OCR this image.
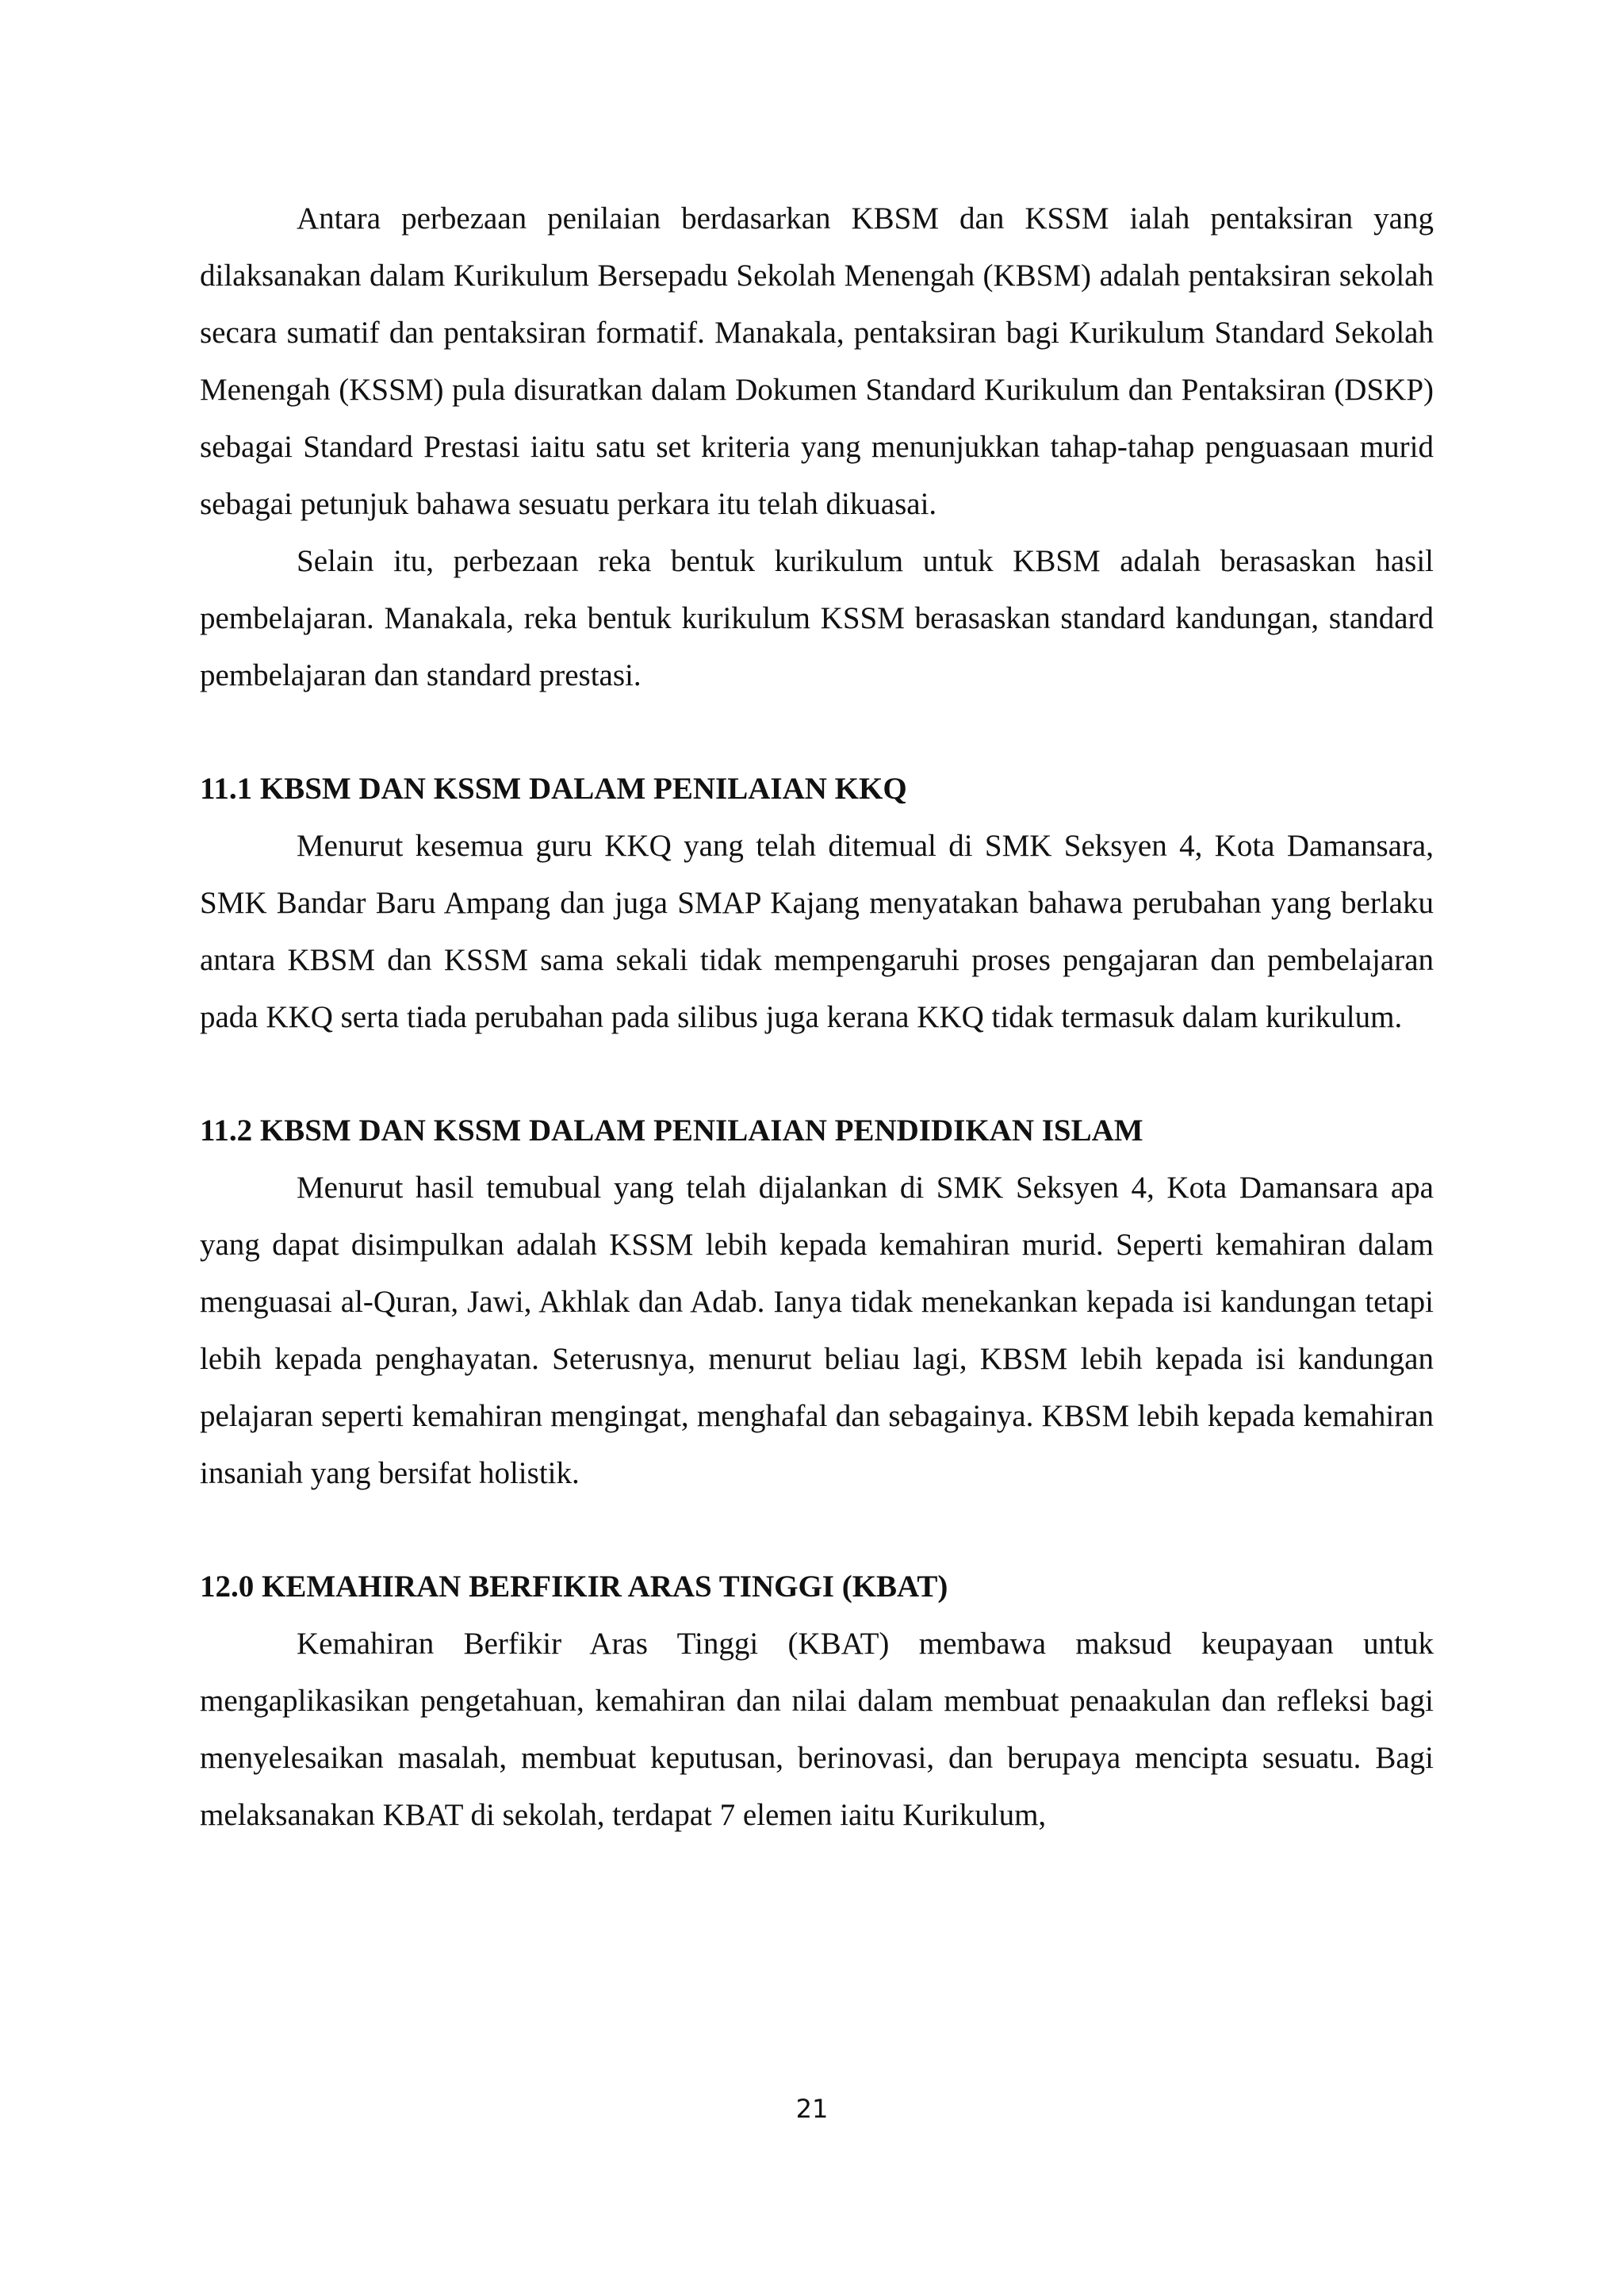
Antara perbezaan penilaian berdasarkan KBSM dan KSSM ialah pentaksiran yang dilaksanakan dalam Kurikulum Bersepadu Sekolah Menengah (KBSM) adalah pentaksiran sekolah secara sumatif dan pentaksiran formatif. Manakala, pentaksiran bagi Kurikulum Standard Sekolah Menengah (KSSM) pula disuratkan dalam Dokumen Standard Kurikulum dan Pentaksiran (DSKP) sebagai Standard Prestasi iaitu satu set kriteria yang menunjukkan tahap-tahap penguasaan murid sebagai petunjuk bahawa sesuatu perkara itu telah dikuasai.

Selain itu, perbezaan reka bentuk kurikulum untuk KBSM adalah berasaskan hasil pembelajaran. Manakala, reka bentuk kurikulum KSSM berasaskan standard kandungan, standard pembelajaran dan standard prestasi.

11.1 KBSM DAN KSSM DALAM PENILAIAN KKQ

Menurut kesemua guru KKQ yang telah ditemual di SMK Seksyen 4, Kota Damansara, SMK Bandar Baru Ampang dan juga SMAP Kajang menyatakan bahawa perubahan yang berlaku antara KBSM dan KSSM sama sekali tidak mempengaruhi proses pengajaran dan pembelajaran pada KKQ serta tiada perubahan pada silibus juga kerana KKQ tidak termasuk dalam kurikulum.

11.2 KBSM DAN KSSM DALAM PENILAIAN PENDIDIKAN ISLAM

Menurut hasil temubual yang telah dijalankan di SMK Seksyen 4, Kota Damansara apa yang dapat disimpulkan adalah KSSM lebih kepada kemahiran murid. Seperti kemahiran dalam menguasai al-Quran, Jawi, Akhlak dan Adab. Ianya tidak menekankan kepada isi kandungan tetapi lebih kepada penghayatan. Seterusnya, menurut beliau lagi, KBSM lebih kepada isi kandungan pelajaran seperti kemahiran mengingat, menghafal dan sebagainya. KBSM lebih kepada kemahiran insaniah yang bersifat holistik.

12.0 KEMAHIRAN BERFIKIR ARAS TINGGI (KBAT)

Kemahiran Berfikir Aras Tinggi (KBAT) membawa maksud keupayaan untuk mengaplikasikan pengetahuan, kemahiran dan nilai dalam membuat penaakulan dan refleksi bagi menyelesaikan masalah, membuat keputusan, berinovasi, dan berupaya mencipta sesuatu. Bagi melaksanakan KBAT di sekolah, terdapat 7 elemen iaitu Kurikulum,

21
